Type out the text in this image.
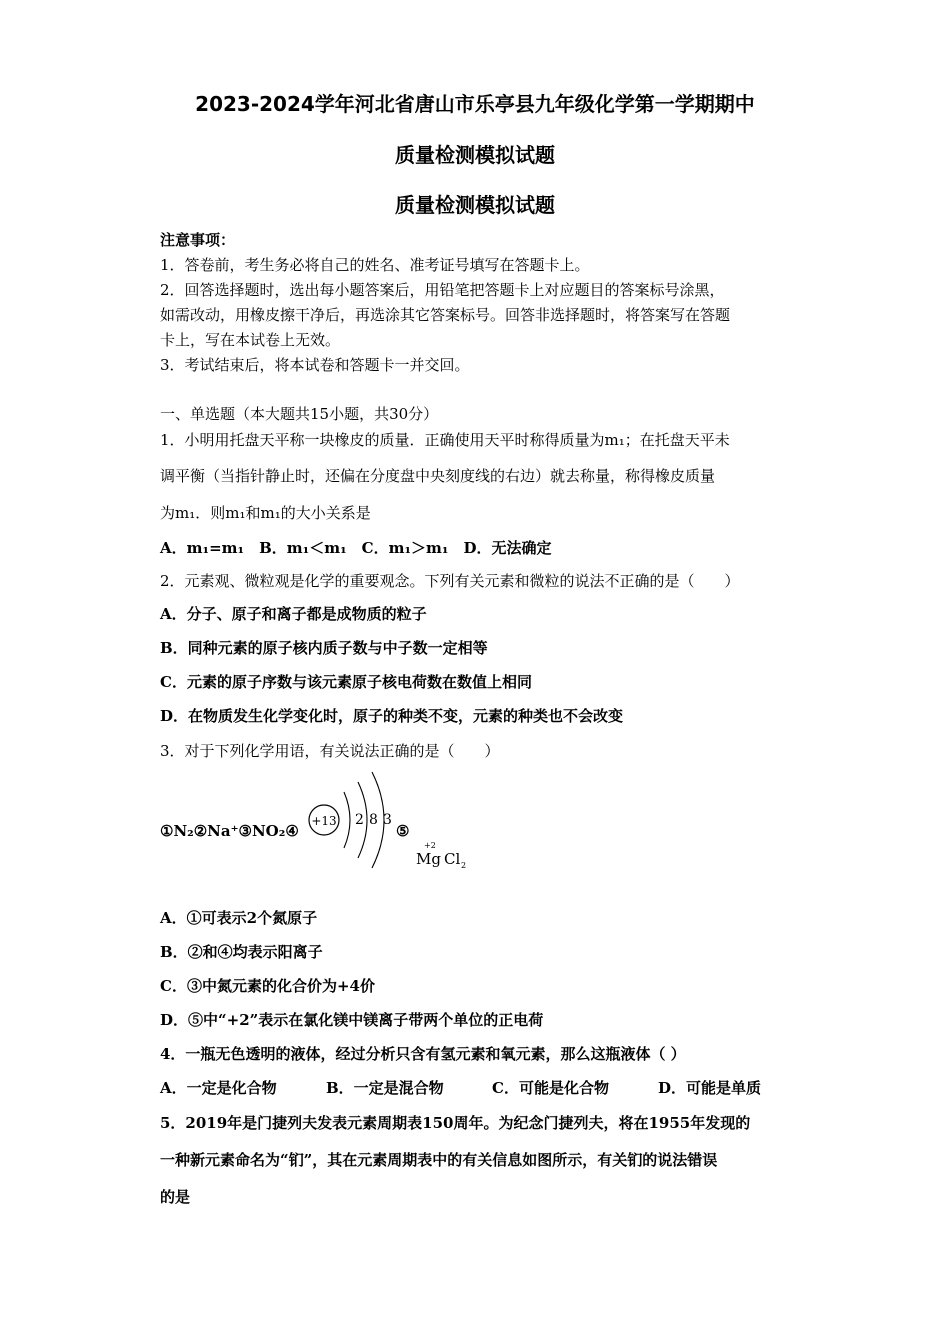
2023-2024学年河北省唐山市乐亭县九年级化学第一学期期中
质量检测模拟试题
质量检测模拟试题
注意事项：
1．答卷前，考生务必将自己的姓名、准考证号填写在答题卡上。
2．回答选择题时，选出每小题答案后，用铅笔把答题卡上对应题目的答案标号涂黑，
如需改动，用橡皮擦干净后，再选涂其它答案标号。回答非选择题时，将答案写在答题
卡上，写在本试卷上无效。
3．考试结束后，将本试卷和答题卡一并交回。
一、单选题（本大题共15小题，共30分）
1．小明用托盘天平称一块橡皮的质量．正确使用天平时称得质量为m₁；在托盘天平未
调平衡（当指针静止时，还偏在分度盘中央刻度线的右边）就去称量，称得橡皮质量
为m₁．则m₁和m₁的大小关系是
A．m₁=m₁　B．m₁＜m₁　C．m₁＞m₁　D．无法确定
2．元素观、微粒观是化学的重要观念。下列有关元素和微粒的说法不正确的是（　　）
A．分子、原子和离子都是成物质的粒子
B．同种元素的原子核内质子数与中子数一定相等
C．元素的原子序数与该元素原子核电荷数在数值上相同
D．在物质发生化学变化时，原子的种类不变，元素的种类也不会改变
3．对于下列化学用语，有关说法正确的是（　　）
①N₂②Na⁺③NO₂④
+13 2 8 3
⑤
+2
Mg Cl 2
A．①可表示2个氮原子
B．②和④均表示阳离子
C．③中氮元素的化合价为+4价
D．⑤中“+2”表示在氯化镁中镁离子带两个单位的正电荷
4．一瓶无色透明的液体，经过分析只含有氢元素和氧元素，那么这瓶液体（ ）
A．一定是化合物	B．一定是混合物	C．可能是化合物	D．可能是单质
5．2019年是门捷列夫发表元素周期表150周年。为纪念门捷列夫，将在1955年发现的
一种新元素命名为“钔”，其在元素周期表中的有关信息如图所示，有关钔的说法错误
的是
